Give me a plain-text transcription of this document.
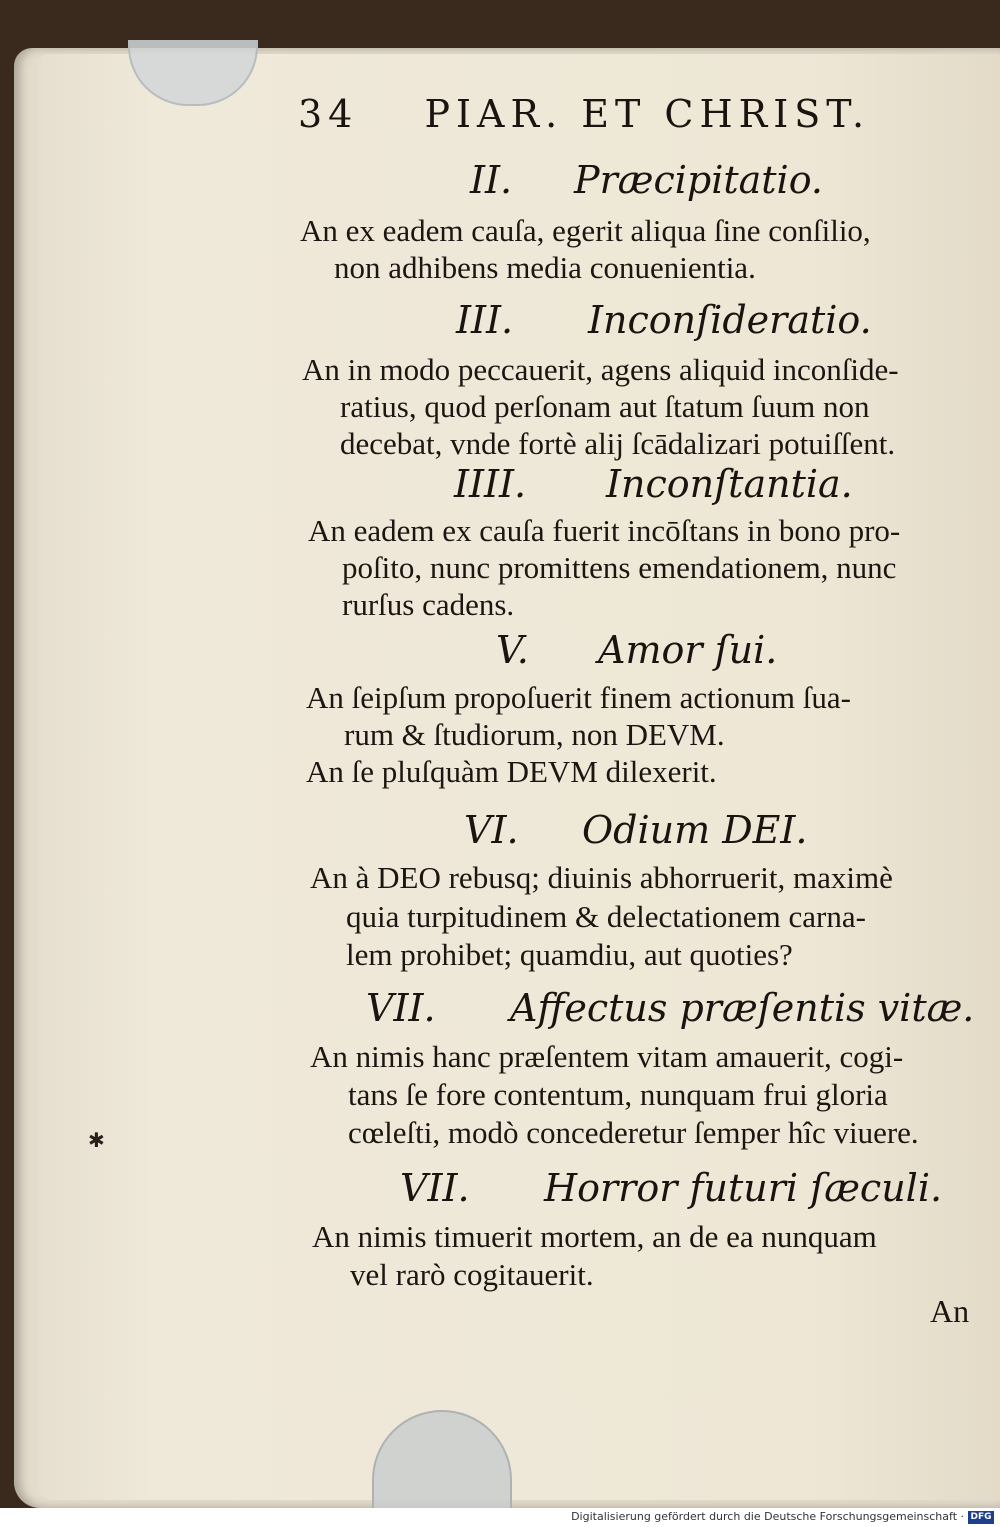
34 PIAR. ET CHRIST.
II. Præcipitatio.
An ex eadem cauſa, egerit aliqua ſine conſilio,
non adhibens media conuenientia.
III. Inconſideratio.
An in modo peccauerit, agens aliquid inconſide-
ratius, quod perſonam aut ſtatum ſuum non
decebat, vnde fortè alij ſcādalizari potuiſſent.
IIII. Inconſtantia.
An eadem ex cauſa fuerit incōſtans in bono pro-
poſito, nunc promittens emendationem, nunc
rurſus cadens.
V. Amor ſui.
An ſeipſum propoſuerit finem actionum ſua-
rum & ſtudiorum, non DEVM.
An ſe pluſquàm DEVM dilexerit.
VI. Odium DEI.
An à DEO rebusq; diuinis abhorruerit, maximè
quia turpitudinem & delectationem carna-
lem prohibet; quamdiu, aut quoties?
VII. Affectus præſentis vitæ.
An nimis hanc præſentem vitam amauerit, cogi-
tans ſe fore contentum, nunquam frui gloria
cœleſti, modò concederetur ſemper hîc viuere.
VII. Horror futuri ſæculi.
An nimis timuerit mortem, an de ea nunquam
vel rarò cogitauerit.
An
✱
Digitalisierung gefördert durch die Deutsche Forschungsgemeinschaft · DFG
